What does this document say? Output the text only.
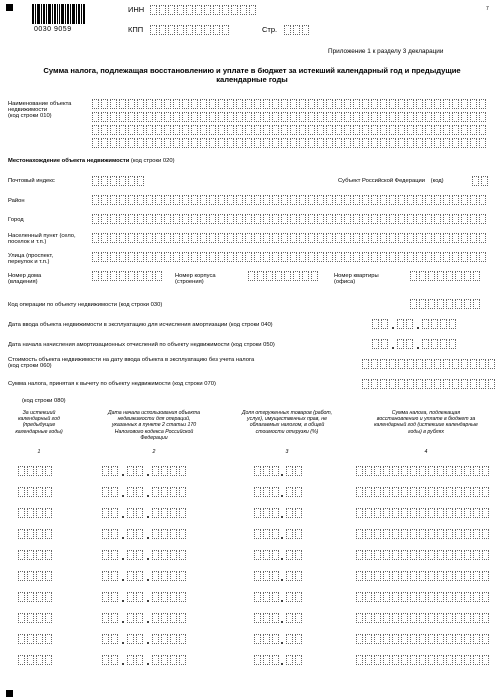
0030 9059
ИНН
КПП	Стр.
7
Приложение 1 к разделу 3 декларации
Сумма налога, подлежащая восстановлению и уплате в бюджет за истекший календарный год и предыдущие
календарные годы
Наименование объекта
недвижимости
(код строки 010)
Местонахождение объекта недвижимости (код строки 020)
Почтовый индекс	Субъект Российской Федерации (код)
Район
Город
Населенный пункт (село,
поселок и т.п.)
Улица (проспект,
переулок и т.п.)
Номер дома
(владения)
Номер корпуса
(строения)
Номер квартиры
(офиса)
Код операции по объекту недвижимости (код строки 030)
Дата ввода объекта недвижимости в эксплуатацию для исчисления амортизации (код строки 040)
Дата начала начисления амортизационных отчислений по объекту недвижимости (код строки 050)
Стоимость объекта недвижимости на дату ввода объекта в эксплуатацию без учета налога
(код строки 060)
Сумма налога, принятая к вычету по объекту недвижимости (код строки 070)
(код строки 080)
За истекший
календарный год
(предыдущие
календарные годы)
1
Дата начала использования объекта
недвижимости для операций,
указанных в пункте 2 статьи 170
Налогового кодекса Российской
Федерации
2
Доля отгруженных товаров (работ,
услуг), имущественных прав, не
облагаемых налогом, в общей
стоимости отгрузки (%)
3
Сумма налога, подлежащая
восстановлению и уплате в бюджет за
календарный год (истекшие календарные
годы) в рублях
4
